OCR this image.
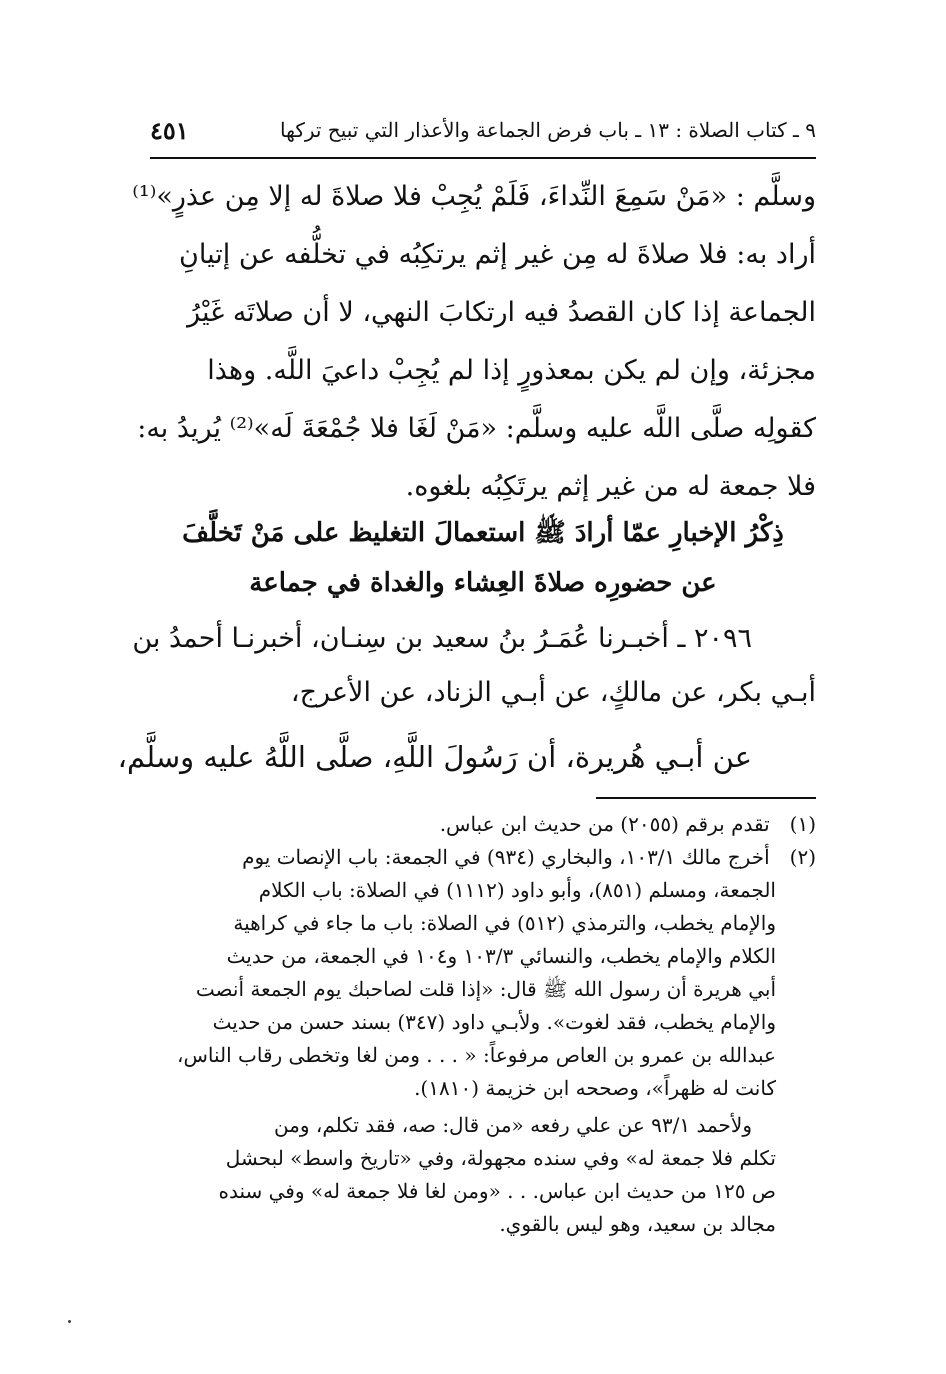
٩ ـ كتاب الصلاة : ١٣ ـ باب فرض الجماعة والأعذار التي تبيح تركها
٤٥١
وسلَّم : «مَنْ سَمِعَ النِّداءَ، فَلَمْ يُجِبْ فلا صلاةَ له إلا مِن عذرٍ»⁽¹⁾
أراد به: فلا صلاةَ له مِن غير إثم يرتكِبُه في تخلُّفه عن إتيانِ
الجماعة إذا كان القصدُ فيه ارتكابَ النهي، لا أن صلاتَه غَيْرُ
مجزئة، وإن لم يكن بمعذورٍ إذا لم يُجِبْ داعيَ اللَّه. وهذا
كقولِه صلَّى اللَّه عليه وسلَّم: «مَنْ لَغَا فلا جُمْعَةَ لَه»⁽²⁾ يُريدُ به:
فلا جمعة له من غير إثم يرتَكِبُه بلغوه.
ذِكْرُ الإخبارِ عمّا أرادَ ﷺ استعمالَ التغليظ على مَنْ تَخلَّفَ
عن حضورِه صلاةَ العِشاء والغداة في جماعة
٢٠٩٦ ـ أخبـرنا عُمَـرُ بنُ سعيد بن سِنـان، أخبرنـا أحمدُ بن
أبـي بكر، عن مالكٍ، عن أبـي الزناد، عن الأعرج،
عن أبـي هُريرة، أن رَسُولَ اللَّهِ، صلَّى اللَّهُ عليه وسلَّم،
(١) تقدم برقم (٢٠٥٥) من حديث ابن عباس.
(٢) أخرج مالك ١٠٣/١، والبخاري (٩٣٤) في الجمعة: باب الإنصات يوم
الجمعة، ومسلم (٨٥١)، وأبو داود (١١١٢) في الصلاة: باب الكلام
والإمام يخطب، والترمذي (٥١٢) في الصلاة: باب ما جاء في كراهية
الكلام والإمام يخطب، والنسائي ١٠٣/٣ و١٠٤ في الجمعة، من حديث
أبي هريرة أن رسول الله ﷺ قال: «إذا قلت لصاحبك يوم الجمعة أنصت
والإمام يخطب، فقد لغوت». ولأبـي داود (٣٤٧) بسند حسن من حديث
عبدالله بن عمرو بن العاص مرفوعاً: « . . . ومن لغا وتخطى رقاب الناس،
كانت له ظهراً»، وصححه ابن خزيمة (١٨١٠).
ولأحمد ٩٣/١ عن علي رفعه «من قال: صه، فقد تكلم، ومن
تكلم فلا جمعة له» وفي سنده مجهولة، وفي «تاريخ واسط» لبحشل
ص ١٢٥ من حديث ابن عباس. . . «ومن لغا فلا جمعة له» وفي سنده
مجالد بن سعيد، وهو ليس بالقوي.
